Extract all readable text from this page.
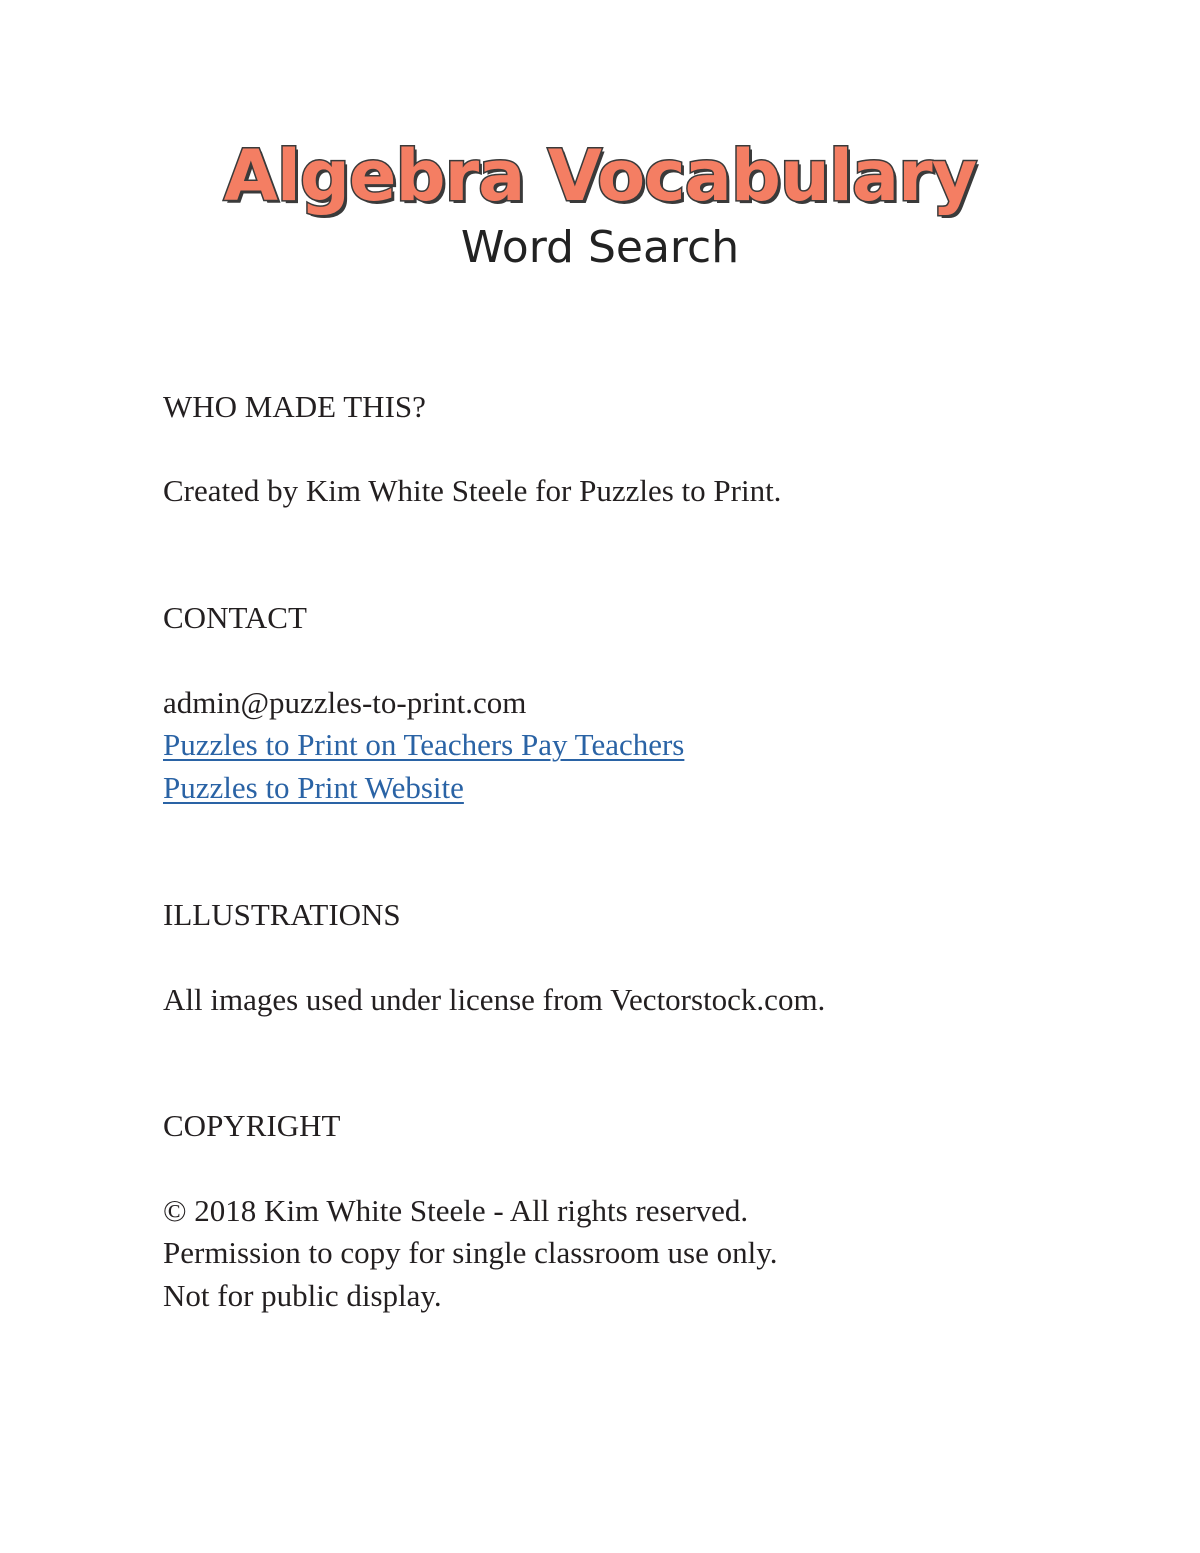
Algebra Vocabulary
Word Search
WHO MADE THIS?
Created by Kim White Steele for Puzzles to Print.
CONTACT
admin@puzzles-to-print.com
Puzzles to Print on Teachers Pay Teachers
Puzzles to Print Website
ILLUSTRATIONS
All images used under license from Vectorstock.com.
COPYRIGHT
© 2018 Kim White Steele - All rights reserved.
Permission to copy for single classroom use only.
Not for public display.
